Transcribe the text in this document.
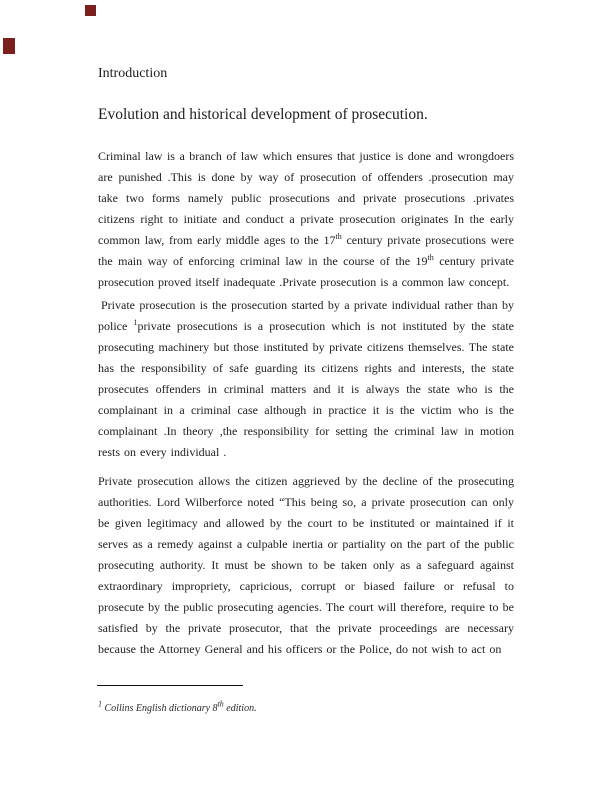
Introduction
Evolution and historical development of prosecution.

Criminal law is a branch of law which ensures that justice is done and wrongdoers are punished .This is done by way of prosecution of offenders .prosecution may take two forms namely public prosecutions and private prosecutions .privates citizens right to initiate and conduct a private prosecution originates In the early common law, from early middle ages to the 17th century private prosecutions were the main way of enforcing criminal law in the course of the 19th century private prosecution proved itself inadequate .Private prosecution is a common law concept.

Private prosecution is the prosecution started by a private individual rather than by police $^1$private prosecutions is a prosecution which is not instituted by the state prosecuting machinery but those instituted by private citizens themselves. The state has the responsibility of safe guarding its citizens rights and interests, the state prosecutes offenders in criminal matters and it is always the state who is the complainant in a criminal case although in practice it is the victim who is the complainant .In theory ,the responsibility for setting the criminal law in motion rests on every individual .

Private prosecution allows the citizen aggrieved by the decline of the prosecuting authorities. Lord Wilberforce noted “This being so, a private prosecution can only be given legitimacy and allowed by the court to be instituted or maintained if it serves as a remedy against a culpable inertia or partiality on the part of the public prosecuting authority. It must be shown to be taken only as a safeguard against extraordinary impropriety, capricious, corrupt or biased failure or refusal to prosecute by the public prosecuting agencies. The court will therefore, require to be satisfied by the private prosecutor, that the private proceedings are necessary because the Attorney General and his officers or the Police, do not wish to act on

$^1$ Collins English dictionary 8th edition.
